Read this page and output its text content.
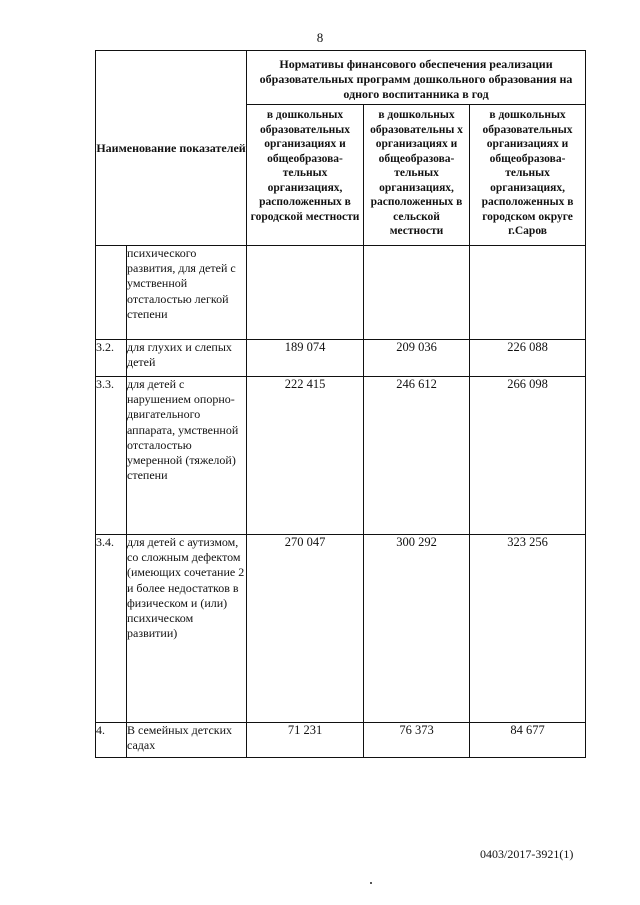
8
Наименование показателей		Нормативы финансового обеспечения реализации образовательных программ дошкольного образования на одного воспитанника в год		
		в дошкольных образовательных организациях и общеобразова-тельных организациях, расположенных в городской местности	в дошкольных образовательны х организациях и общеобразова-тельных организациях, расположенных в сельской местности	в дошкольных образовательных организациях и общеобразова-тельных организациях, расположенных в городском округе г.Саров
	психического развития, для детей с умственной отсталостью легкой степени			
3.2.	для глухих и слепых детей	189 074	209 036	226 088
3.3.	для детей с нарушением опорно-двигательного аппарата, умственной отсталостью умеренной (тяжелой) степени	222 415	246 612	266 098
3.4.	для детей с аутизмом, со сложным дефектом (имеющих сочетание 2 и более недостатков в физическом и (или) психическом развитии)	270 047	300 292	323 256
4.	В семейных детских садах	71 231	76 373	84 677
0403/2017-3921(1)
